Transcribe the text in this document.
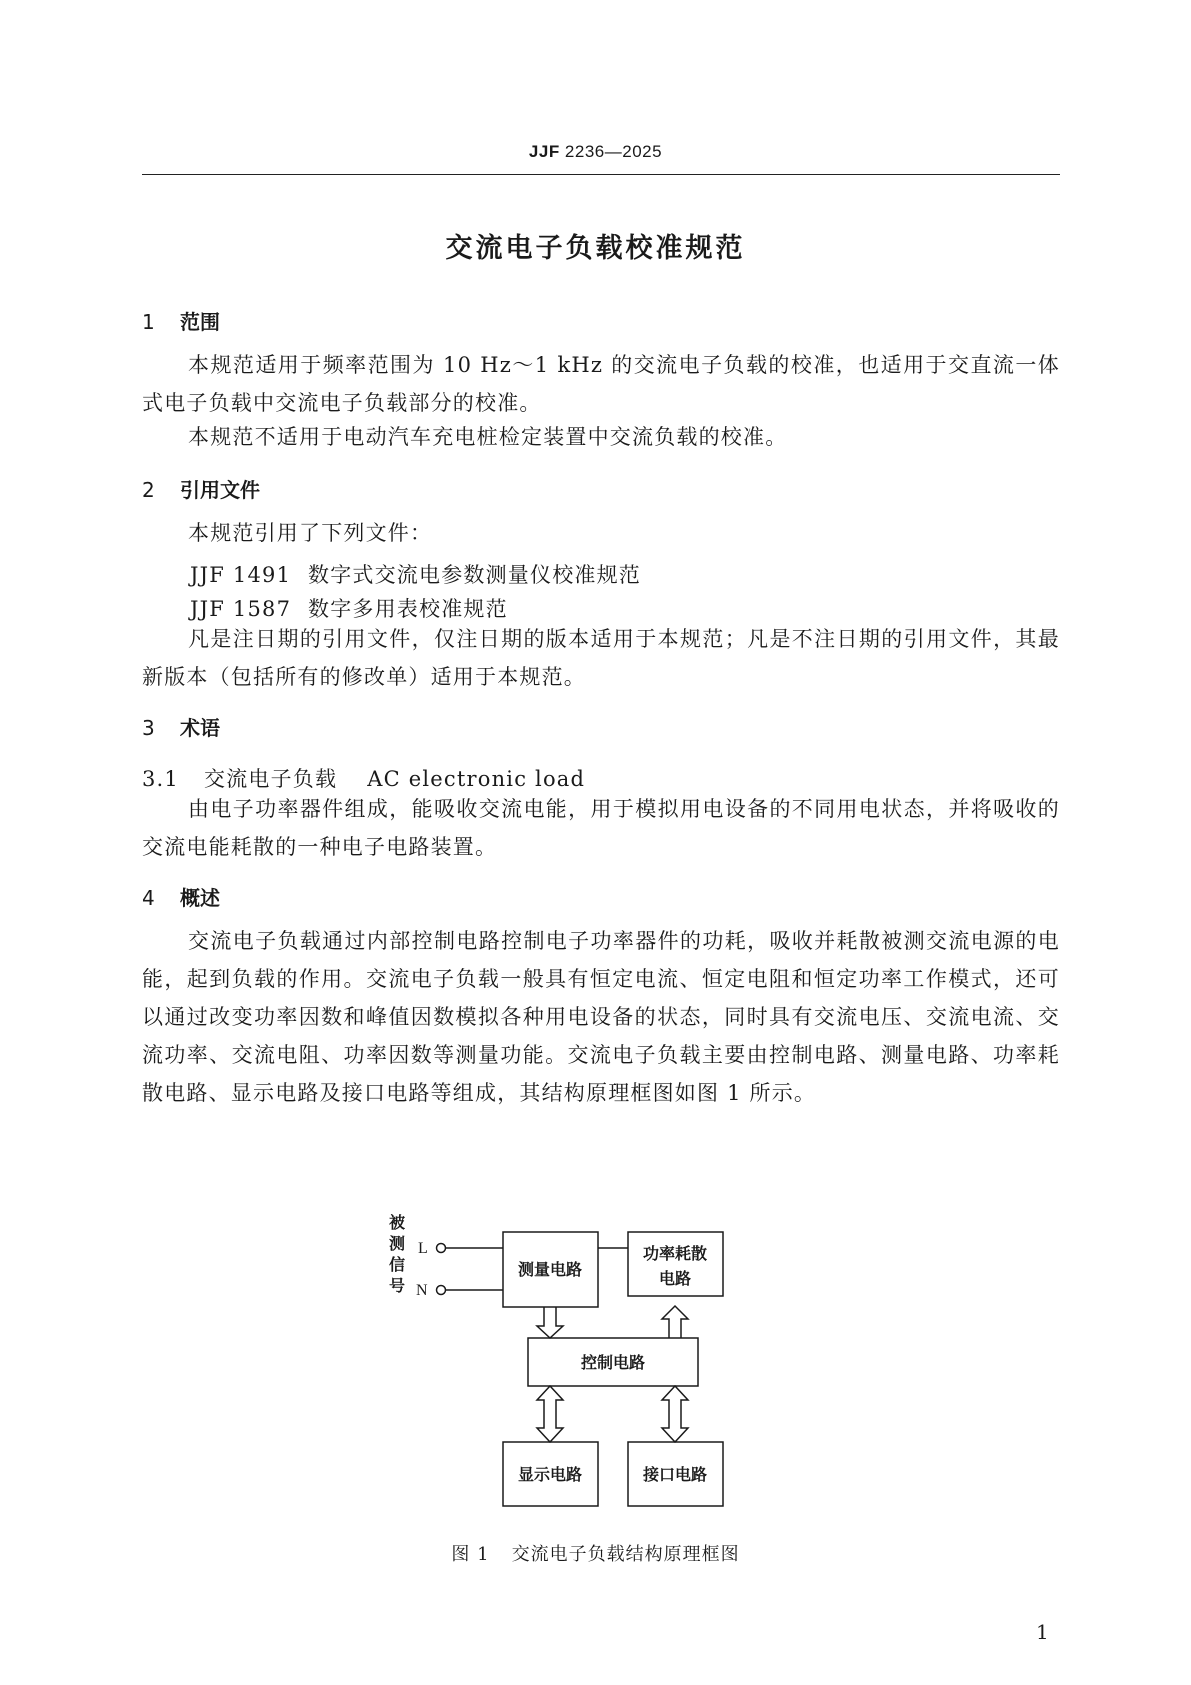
JJF 2236—2025
交流电子负载校准规范
1 范围

本规范适用于频率范围为 10 Hz～1 kHz 的交流电子负载的校准，也适用于交直流一体式电子负载中交流电子负载部分的校准。

本规范不适用于电动汽车充电桩检定装置中交流负载的校准。

2 引用文件

本规范引用了下列文件：

JJF 1491 数字式交流电参数测量仪校准规范
JJF 1587 数字多用表校准规范

凡是注日期的引用文件，仅注日期的版本适用于本规范；凡是不注日期的引用文件，其最新版本（包括所有的修改单）适用于本规范。

3 术语
3.1 交流电子负载 AC electronic load

由电子功率器件组成，能吸收交流电能，用于模拟用电设备的不同用电状态，并将吸收的交流电能耗散的一种电子电路装置。

4 概述

交流电子负载通过内部控制电路控制电子功率器件的功耗，吸收并耗散被测交流电源的电能，起到负载的作用。交流电子负载一般具有恒定电流、恒定电阻和恒定功率工作模式，还可以通过改变功率因数和峰值因数模拟各种用电设备的状态，同时具有交流电压、交流电流、交流功率、交流电阻、功率因数等测量功能。交流电子负载主要由控制电路、测量电路、功率耗散电路、显示电路及接口电路等组成，其结构原理框图如图 1 所示。

被
测
信
号
L
N
测量电路
功率耗散
电路
控制电路
显示电路	接口电路
图 1 交流电子负载结构原理框图
1
